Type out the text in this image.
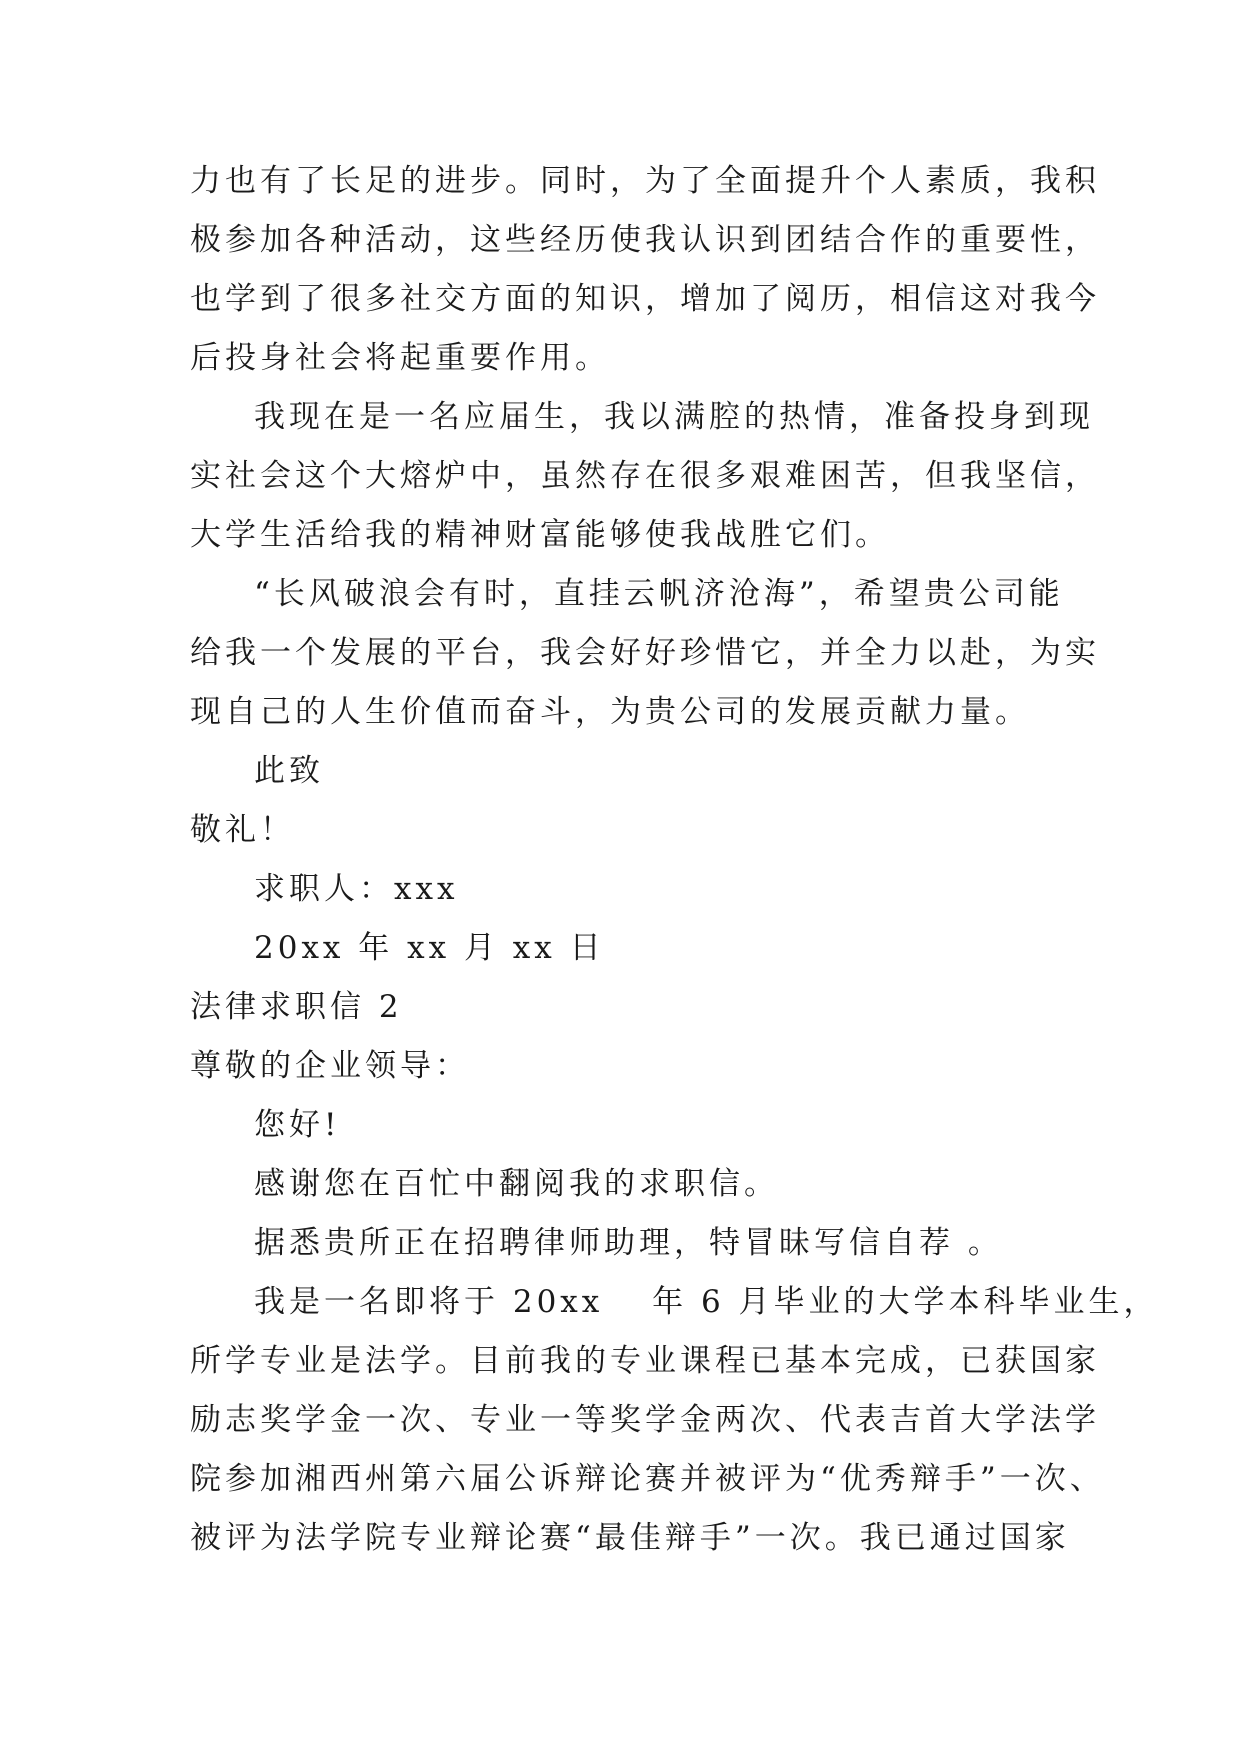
力也有了长足的进步。同时，为了全面提升个人素质，我积
极参加各种活动，这些经历使我认识到团结合作的重要性，
也学到了很多社交方面的知识，增加了阅历，相信这对我今
后投身社会将起重要作用。
我现在是一名应届生，我以满腔的热情，准备投身到现
实社会这个大熔炉中，虽然存在很多艰难困苦，但我坚信，
大学生活给我的精神财富能够使我战胜它们。
“长风破浪会有时，直挂云帆济沧海”，希望贵公司能
给我一个发展的平台，我会好好珍惜它，并全力以赴，为实
现自己的人生价值而奋斗，为贵公司的发展贡献力量。
此致
敬礼！
求职人：xxx
20xx 年 xx 月 xx 日
法律求职信 2
尊敬的企业领导：
您好!
感谢您在百忙中翻阅我的求职信。
据悉贵所正在招聘律师助理，特冒昧写信自荐 。
我是一名即将于 20xx　 年 6 月毕业的大学本科毕业生，
所学专业是法学。目前我的专业课程已基本完成，已获国家
励志奖学金一次、专业一等奖学金两次、代表吉首大学法学
院参加湘西州第六届公诉辩论赛并被评为“优秀辩手”一次、
被评为法学院专业辩论赛“最佳辩手”一次。我已通过国家
